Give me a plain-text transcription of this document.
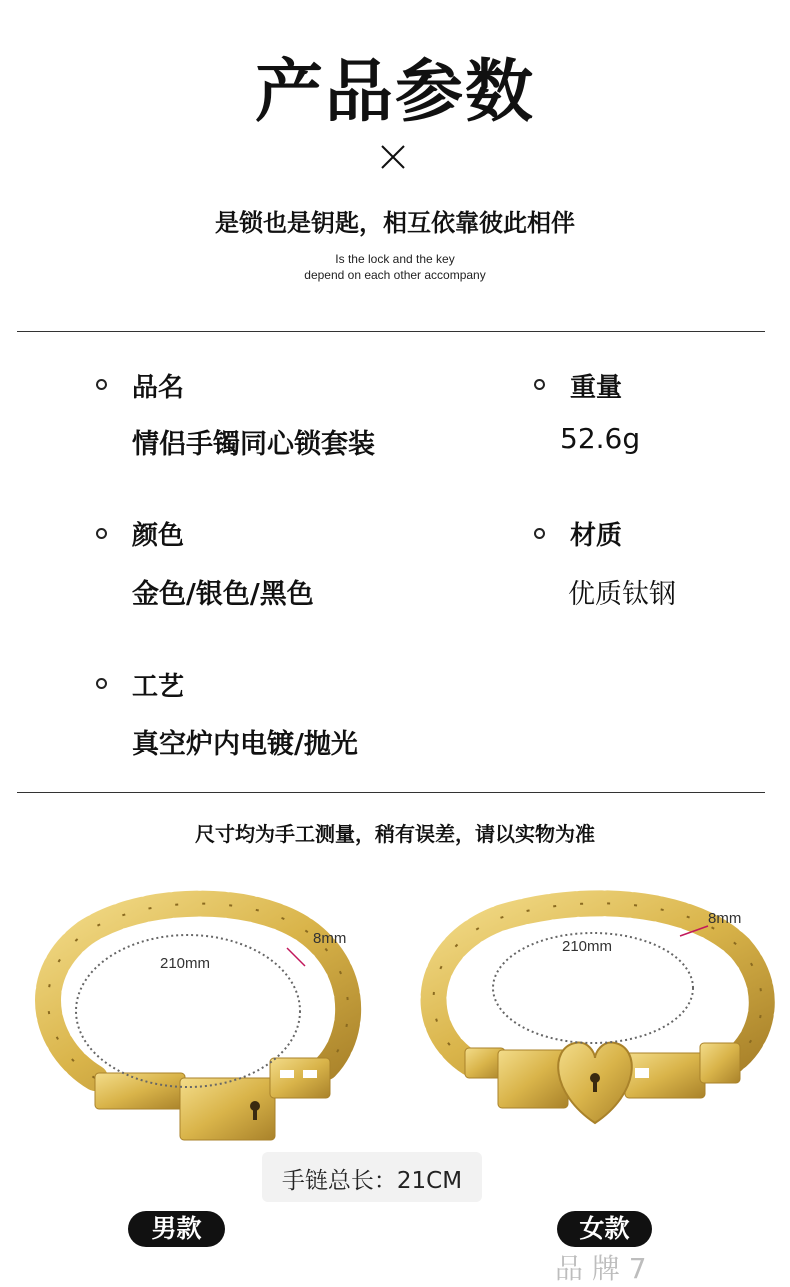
产品参数
是锁也是钥匙，相互依靠彼此相伴
Is the lock and the key
depend on each other accompany
品名
情侣手镯同心锁套装
重量
52.6g
颜色
金色/银色/黑色
材质
优质钛钢
工艺
真空炉内电镀/抛光
尺寸均为手工测量，稍有误差，请以实物为准
210mm
8mm	210mm
8mm
手链总长：21CM
男款	女款
品 牌 7
